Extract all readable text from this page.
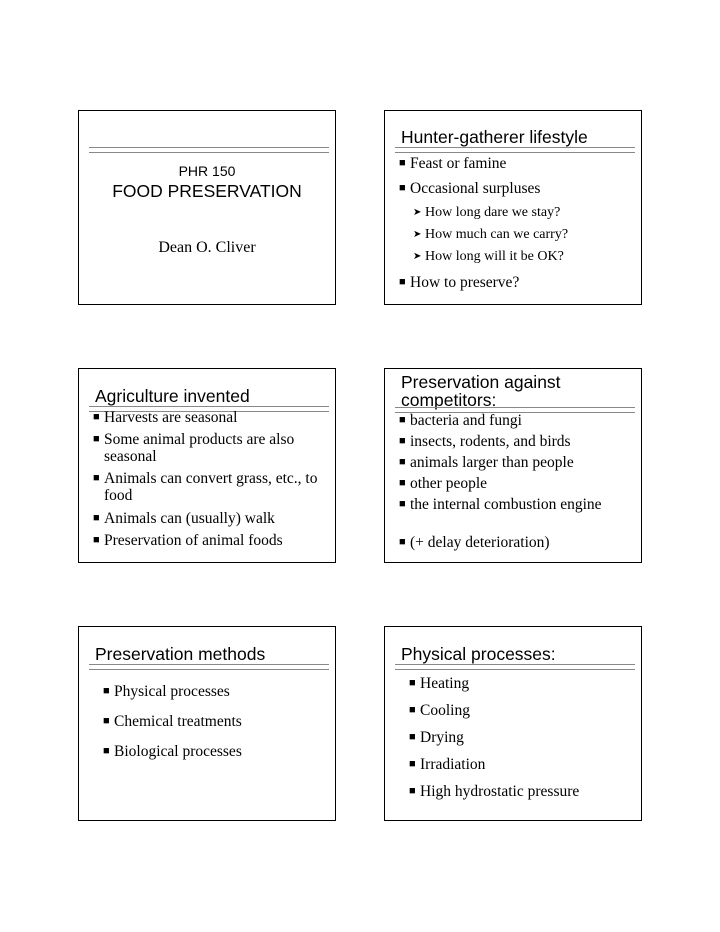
PHR 150
FOOD PRESERVATION
Dean O. Cliver
Hunter-gatherer lifestyle
■ Feast or famine
■ Occasional surpluses
➤ How long dare we stay?
➤ How much can we carry?
➤ How long will it be OK?
■ How to preserve?
Agriculture invented
■ Harvests are seasonal
■ Some animal products are also seasonal
■ Animals can convert grass, etc., to food
■ Animals can (usually) walk
■ Preservation of animal foods
Preservation against competitors:
■ bacteria and fungi
■ insects, rodents, and birds
■ animals larger than people
■ other people
■ the internal combustion engine
■ (+ delay deterioration)
Preservation methods
■ Physical processes
■ Chemical treatments
■ Biological processes
Physical processes:
■ Heating
■ Cooling
■ Drying
■ Irradiation
■ High hydrostatic pressure
